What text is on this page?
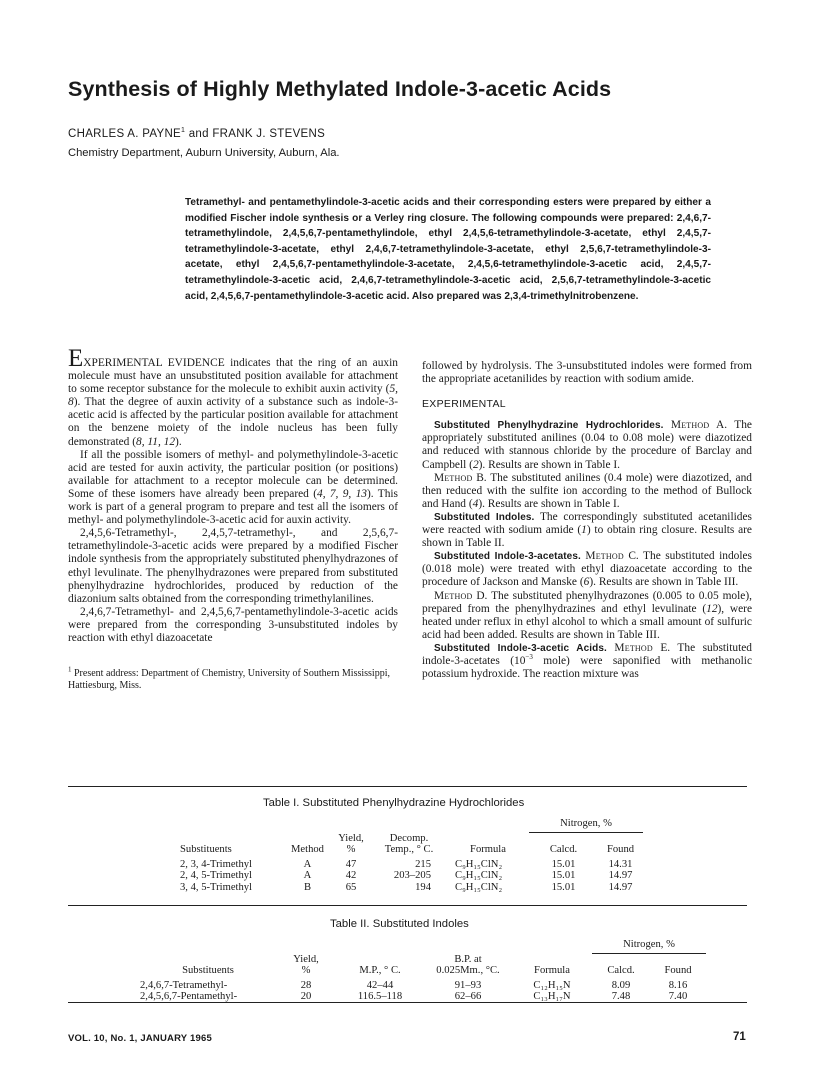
Synthesis of Highly Methylated Indole-3-acetic Acids
CHARLES A. PAYNE$^1$ and FRANK J. STEVENS
Chemistry Department, Auburn University, Auburn, Ala.
Tetramethyl- and pentamethylindole-3-acetic acids and their corresponding esters were prepared by either a modified Fischer indole synthesis or a Verley ring closure. The following compounds were prepared: 2,4,6,7-tetramethylindole, 2,4,5,6,7-pentamethylindole, ethyl 2,4,5,6-tetramethylindole-3-acetate, ethyl 2,4,5,7-tetramethylindole-3-acetate, ethyl 2,4,6,7-tetramethylindole-3-acetate, ethyl 2,5,6,7-tetramethylindole-3-acetate, ethyl 2,4,5,6,7-pentamethylindole-3-acetate, 2,4,5,6-tetramethylindole-3-acetic acid, 2,4,5,7-tetramethylindole-3-acetic acid, 2,4,6,7-tetramethylindole-3-acetic acid, 2,5,6,7-tetramethylindole-3-acetic acid, 2,4,5,6,7-pentamethylindole-3-acetic acid. Also prepared was 2,3,4-trimethylnitrobenzene.

EXPERIMENTAL EVIDENCE indicates that the ring of an auxin molecule must have an unsubstituted position available for attachment to some receptor substance for the molecule to exhibit auxin activity (5, 8). That the degree of auxin activity of a substance such as indole-3-acetic acid is affected by the particular position available for attachment on the benzene moiety of the indole nucleus has been fully demonstrated (8, 11, 12).

If all the possible isomers of methyl- and polymethylindole-3-acetic acid are tested for auxin activity, the particular position (or positions) available for attachment to a receptor molecule can be determined. Some of these isomers have already been prepared (4, 7, 9, 13). This work is part of a general program to prepare and test all the isomers of methyl- and polymethylindole-3-acetic acid for auxin activity.

2,4,5,6-Tetramethyl-, 2,4,5,7-tetramethyl-, and 2,5,6,7-tetramethylindole-3-acetic acids were prepared by a modified Fischer indole synthesis from the appropriately substituted phenylhydrazones of ethyl levulinate. The phenylhydrazones were prepared from substituted phenylhydrazine hydrochlorides, produced by reduction of the diazonium salts obtained from the corresponding trimethylanilines.

2,4,6,7-Tetramethyl- and 2,4,5,6,7-pentamethylindole-3-acetic acids were prepared from the corresponding 3-unsubstituted indoles by reaction with ethyl diazoacetate

$^1$ Present address: Department of Chemistry, University of Southern Mississippi, Hattiesburg, Miss.

followed by hydrolysis. The 3-unsubstituted indoles were formed from the appropriate acetanilides by reaction with sodium amide.

EXPERIMENTAL

Substituted Phenylhydrazine Hydrochlorides. Method A. The appropriately substituted anilines (0.04 to 0.08 mole) were diazotized and reduced with stannous chloride by the procedure of Barclay and Campbell (2). Results are shown in Table I.

Method B. The substituted anilines (0.4 mole) were diazotized, and then reduced with the sulfite ion according to the method of Bullock and Hand (4). Results are shown in Table I.

Substituted Indoles. The correspondingly substituted acetanilides were reacted with sodium amide (1) to obtain ring closure. Results are shown in Table II.

Substituted Indole-3-acetates. Method C. The substituted indoles (0.018 mole) were treated with ethyl diazoacetate according to the procedure of Jackson and Manske (6). Results are shown in Table III.

Method D. The substituted phenylhydrazones (0.005 to 0.05 mole), prepared from the phenylhydrazines and ethyl levulinate (12), were heated under reflux in ethyl alcohol to which a small amount of sulfuric acid had been added. Results are shown in Table III.

Substituted Indole-3-acetic Acids. Method E. The substituted indole-3-acetates ($10^{-3}$ mole) were saponified with methanolic potassium hydroxide. The reaction mixture was

Table I. Substituted Phenylhydrazine Hydrochlorides
					Nitrogen, %	

		Yield,	Decomp.			
Substituents	Method	%	Temp., ° C.	Formula	Calcd.	Found
2, 3, 4-Trimethyl	A	47	215	C₉H₁₅ClN₂	15.01	14.31
2, 4, 5-Trimethyl	A	42	203–205	C₉H₁₅ClN₂	15.01	14.97
3, 4, 5-Trimethyl	B	65	194	C₉H₁₅ClN₂	15.01	14.97
Table II. Substituted Indoles
					Nitrogen, %	

	Yield,		B.P. at			
Substituents	%	M.P., ° C.	0.025Mm., °C.	Formula	Calcd.	Found
2,4,6,7-Tetramethyl-	28	42–44	91–93	C₁₂H₁₅N	8.09	8.16
2,4,5,6,7-Pentamethyl-	20	116.5–118	62–66	C₁₃H₁₇N	7.48	7.40
VOL. 10, No. 1, JANUARY 1965	71
